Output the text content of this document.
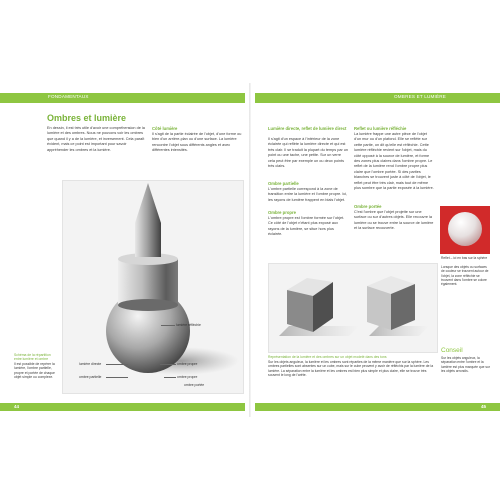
FONDAMENTAUX	OMBRES ET LUMIÈRE
Ombres et lumière
En dessin, il est très utile d'avoir une compréhension de la lumière et des ombres. Nous ne pouvons voir les ombres que quand il y a de la lumière, et inversement. Cela paraît évident, mais ce point est important pour savoir appréhender les ombres et la lumière.
Côté lumière
Il s'agit de la partie éclairée de l'objet, d'une forme ou bien d'un arrière-plan ou d'une surface. La lumière rencontre l'objet sous différents angles et avec différentes intensités.
Lumière directe, reflet de lumière direct
Il s'agit d'un espace à l'intérieur de la zone éclairée qui reflète la lumière directe et qui est très clair. Il se traduit la plupart du temps par un point ou une tache, une petite. Sur un verre cela peut être par exemple un ou deux points très clairs.
Ombre partielle
L'ombre partielle correspond à la zone de transition entre la lumière et l'ombre propre. Ici, les rayons de lumière frappent en biais l'objet.
Ombre propre
L'ombre propre est l'ombre formée sur l'objet. Ce côté de l'objet n'étant plus exposé aux rayons de la lumière, se situe hors plus éclairée.
Reflet ou lumière réfléchie
La lumière frappe une autre pièce de l'objet d'un mur ou d'un plafond. Elle se reflète sur cette partie, on dit qu'elle est réfléchie. Cette lumière réfléchie revient sur l'objet, mais du côté opposé à la source de lumière, et forme des zones plus claires dans l'ombre propre. Le reflet de la lumière rend l'ombre propre plus claire que l'ombre portée. Si des parties blanches se trouvent juste à côté de l'objet, le reflet peut être très clair, mais tout de même plus sombre que la partie exposée à la lumière.
Ombre portée
C'est l'ombre que l'objet projette sur une surface ou sur d'autres objets. Elle recouvre la lumière ou se trouve entre la source de lumière et la surface recouverte.
lumière réfléchie
lumière directe	ombre propre
ombre partielle	ombre propre
ombre portée
Schéma de la répartition entre lumière et ombre
Il est possible de repérer la lumière, l'ombre partielle, propre et portée de chaque objet simple ou complexe.
Représentation de la lumière et des ombres sur un objet modelé dans des tons
Sur les objets anguleux, la lumière et les ombres sont réparties de la même manière que sur la sphère. Les ombres partielles sont absentes sur un cube, mais sur le cube peuvent y avoir de réfléchis par la lumière de la lumière. La séparation entre la lumière et les ombres est bien plus simple et plus claire, elle se trouve très souvent le long de l'arête.
Reflet – ici en bas sur la sphère
Lorsque des objets ou surfaces de couleur se trouvent autour de l'objet, la zone réfléchie se trouvent dans l'ombre se colore également.
Conseil
Sur les objets anguleux, la séparation entre l'ombre et la lumière est plus marquée que sur les objets arrondis.
44	45
